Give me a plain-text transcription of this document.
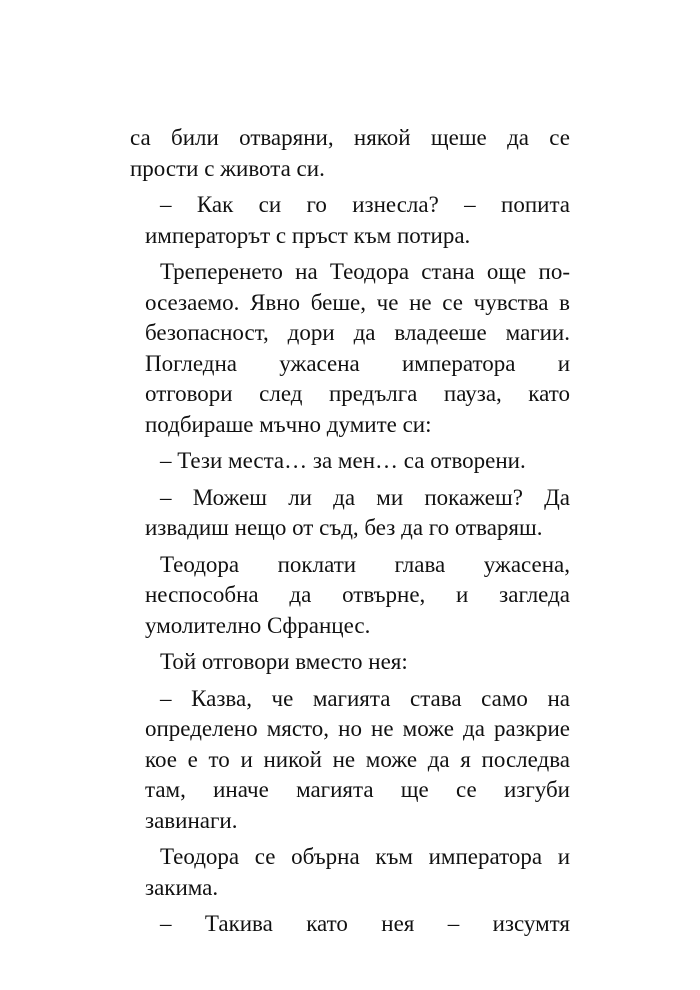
са били отваряни, някой щеше да се
прости с живота си.

– Как си го изнесла? – попита
императорът с пръст към потира.

Треперенето на Теодора стана още по-
осезаемо. Явно беше, че не се чувства в
безопасност, дори да владееше магии.
Погледна ужасена императора и
отговори след предълга пауза, като
подбираше мъчно думите си:

– Тези места… за мен… са отворени.

– Можеш ли да ми покажеш? Да
извадиш нещо от съд, без да го отваряш.

Теодора поклати глава ужасена,
неспособна да отвърне, и загледа
умолително Сфранцес.

Той отговори вместо нея:

– Казва, че магията става само на
определено място, но не може да разкрие
кое е то и никой не може да я последва
там, иначе магията ще се изгуби
завинаги.

Теодора се обърна към императора и
закима.

– Такива като нея – изсумтя
